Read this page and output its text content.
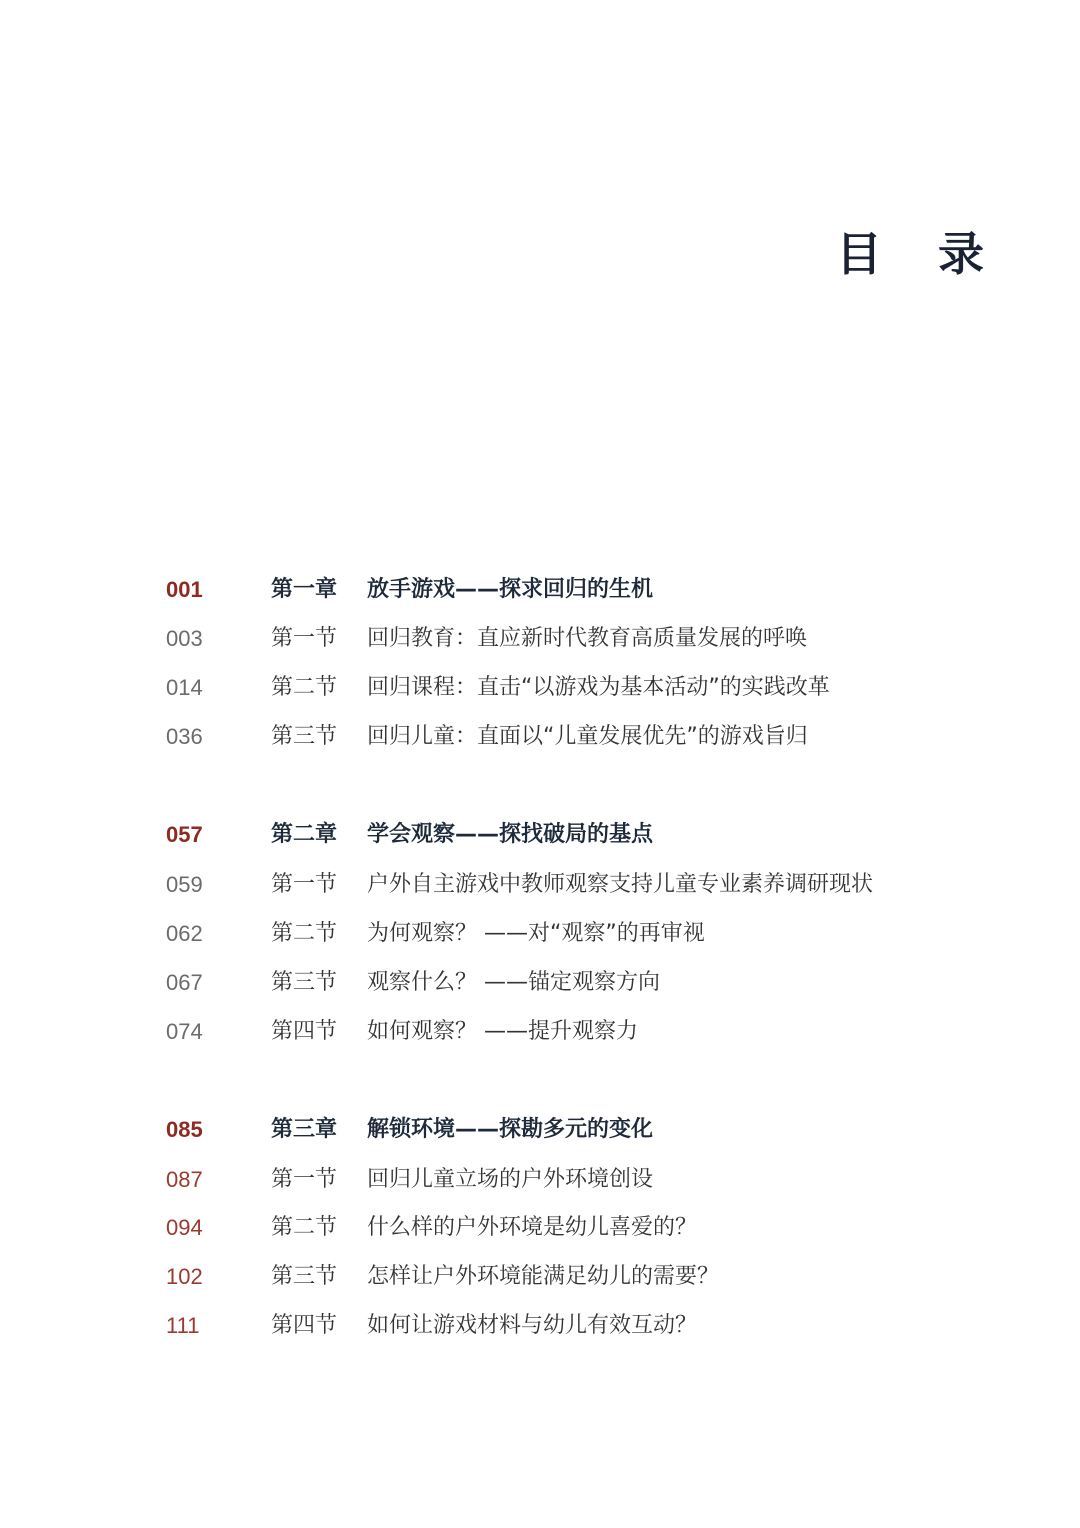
目 录
001	第一章 放手游戏——探求回归的生机
003	第一节 回归教育：直应新时代教育高质量发展的呼唤
014	第二节 回归课程：直击“以游戏为基本活动”的实践改革
036	第三节 回归儿童：直面以“儿童发展优先”的游戏旨归
057	第二章 学会观察——探找破局的基点
059	第一节 户外自主游戏中教师观察支持儿童专业素养调研现状
062	第二节 为何观察？ ——对“观察”的再审视
067	第三节 观察什么？ ——锚定观察方向
074	第四节 如何观察？ ——提升观察力
085	第三章 解锁环境——探勘多元的变化
087	第一节 回归儿童立场的户外环境创设
094	第二节 什么样的户外环境是幼儿喜爱的？
102	第三节 怎样让户外环境能满足幼儿的需要？
111	第四节 如何让游戏材料与幼儿有效互动？
